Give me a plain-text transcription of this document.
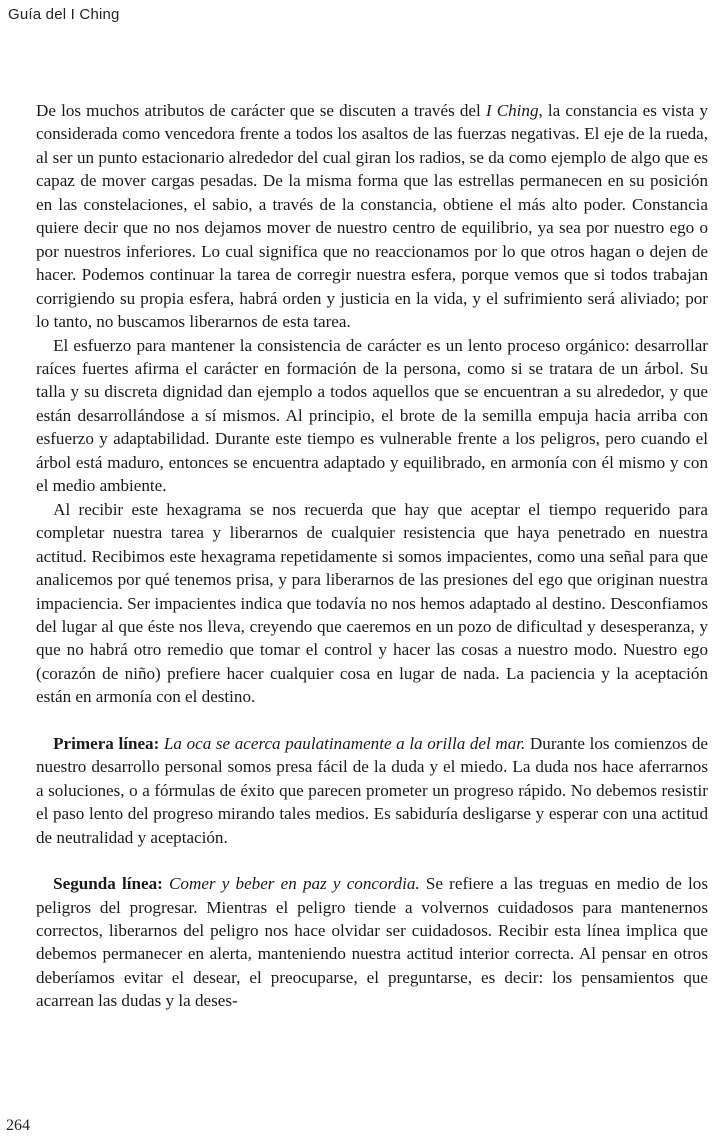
Guía del I Ching

De los muchos atributos de carácter que se discuten a través del I Ching, la constancia es vista y considerada como vencedora frente a todos los asaltos de las fuerzas negativas. El eje de la rueda, al ser un punto estacionario alrededor del cual giran los radios, se da como ejemplo de algo que es capaz de mover cargas pesadas. De la misma forma que las estrellas permanecen en su posición en las constelaciones, el sabio, a través de la constancia, obtiene el más alto poder. Constancia quiere decir que no nos dejamos mover de nuestro centro de equilibrio, ya sea por nuestro ego o por nuestros inferiores. Lo cual significa que no reaccionamos por lo que otros hagan o dejen de hacer. Podemos continuar la tarea de corregir nuestra esfera, porque vemos que si todos trabajan corrigiendo su propia esfera, habrá orden y justicia en la vida, y el sufrimiento será aliviado; por lo tanto, no buscamos liberarnos de esta tarea.

El esfuerzo para mantener la consistencia de carácter es un lento proceso orgánico: desarrollar raíces fuertes afirma el carácter en formación de la persona, como si se tratara de un árbol. Su talla y su discreta dignidad dan ejemplo a todos aquellos que se encuentran a su alrededor, y que están desarrollándose a sí mismos. Al principio, el brote de la semilla empuja hacia arriba con esfuerzo y adaptabilidad. Durante este tiempo es vulnerable frente a los peligros, pero cuando el árbol está maduro, entonces se encuentra adaptado y equilibrado, en armonía con él mismo y con el medio ambiente.

Al recibir este hexagrama se nos recuerda que hay que aceptar el tiempo requerido para completar nuestra tarea y liberarnos de cualquier resistencia que haya penetrado en nuestra actitud. Recibimos este hexagrama repetidamente si somos impacientes, como una señal para que analicemos por qué tenemos prisa, y para liberarnos de las presiones del ego que originan nuestra impaciencia. Ser impacientes indica que todavía no nos hemos adaptado al destino. Desconfiamos del lugar al que éste nos lleva, creyendo que caeremos en un pozo de dificultad y desesperanza, y que no habrá otro remedio que tomar el control y hacer las cosas a nuestro modo. Nuestro ego (corazón de niño) prefiere hacer cualquier cosa en lugar de nada. La paciencia y la aceptación están en armonía con el destino.

Primera línea: La oca se acerca paulatinamente a la orilla del mar. Durante los comienzos de nuestro desarrollo personal somos presa fácil de la duda y el miedo. La duda nos hace aferrarnos a soluciones, o a fórmulas de éxito que parecen prometer un progreso rápido. No debemos resistir el paso lento del progreso mirando tales medios. Es sabiduría desligarse y esperar con una actitud de neutralidad y aceptación.

Segunda línea: Comer y beber en paz y concordia. Se refiere a las treguas en medio de los peligros del progresar. Mientras el peligro tiende a volvernos cuidadosos para mantenernos correctos, liberarnos del peligro nos hace olvidar ser cuidadosos. Recibir esta línea implica que debemos permanecer en alerta, manteniendo nuestra actitud interior correcta. Al pensar en otros deberíamos evitar el desear, el preocuparse, el preguntarse, es decir: los pensamientos que acarrean las dudas y la deses-

264
